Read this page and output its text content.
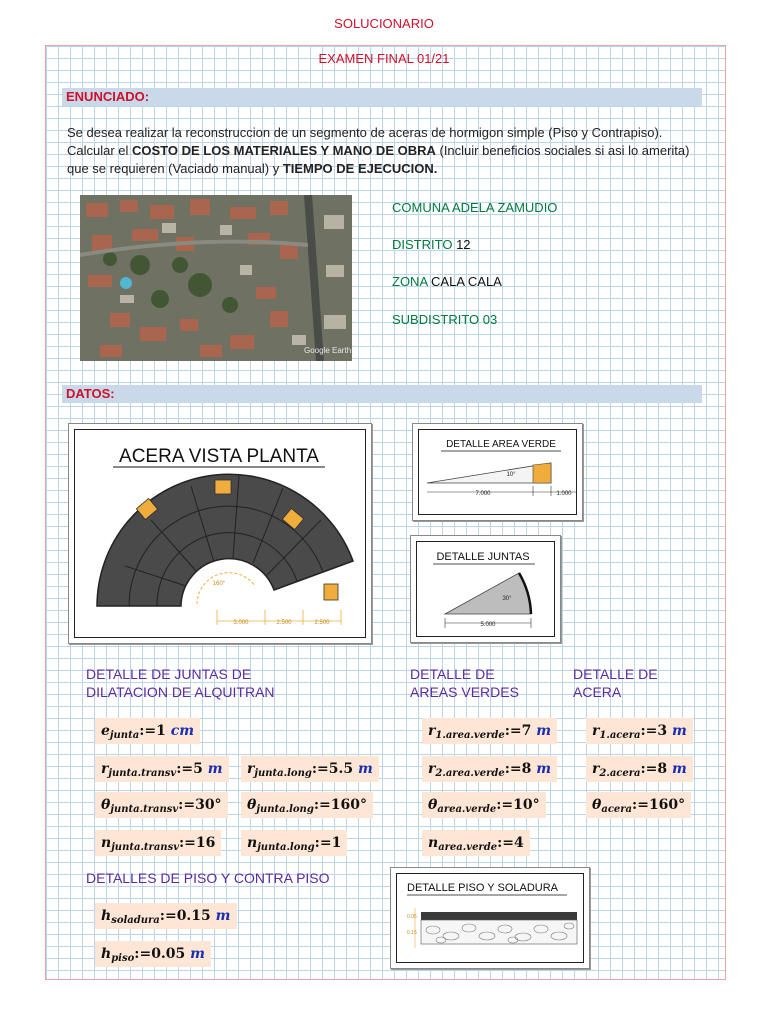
SOLUCIONARIO
EXAMEN FINAL 01/21
ENUNCIADO:
Se desea realizar la reconstruccion de un segmento de aceras de hormigon simple (Piso y Contrapiso). Calcular el COSTO DE LOS MATERIALES Y MANO DE OBRA (Incluir beneficios sociales si asi lo amerita) que se requieren (Vaciado manual) y TIEMPO DE EJECUCION.
Google Earth
COMUNA ADELA ZAMUDIO
DISTRITO 12
ZONA CALA CALA
SUBDISTRITO 03
DATOS:
ACERA VISTA PLANTA
160°
3.000	2.500	2.500
DETALLE AREA VERDE
10°
7.000	1.000
DETALLE JUNTAS
30°
5.000
DETALLE DE JUNTAS DE
DILATACION DE ALQUITRAN
DETALLE DE
AREAS VERDES
DETALLE DE
ACERA
DETALLES DE PISO Y CONTRA PISO
$e_{junta}:=1$ cm
$r_{junta.transv}:=5$ m	$r_{junta.long}:=5.5$ m
$\theta_{junta.transv}:=30^\circ$	$\theta_{junta.long}:=160^\circ$
$n_{junta.transv}:=16$	$n_{junta.long}:=1$
$r_{1.area.verde}:=7$ m
$r_{2.area.verde}:=8$ m
$\theta_{area.verde}:=10^\circ$
$n_{area.verde}:=4$
$r_{1.acera}:=3$ m
$r_{2.acera}:=8$ m
$\theta_{acera}:=160^\circ$
$h_{soladura}:=0.15$ m
$h_{piso}:=0.05$ m
DETALLE PISO Y SOLADURA
0.05
0.15
